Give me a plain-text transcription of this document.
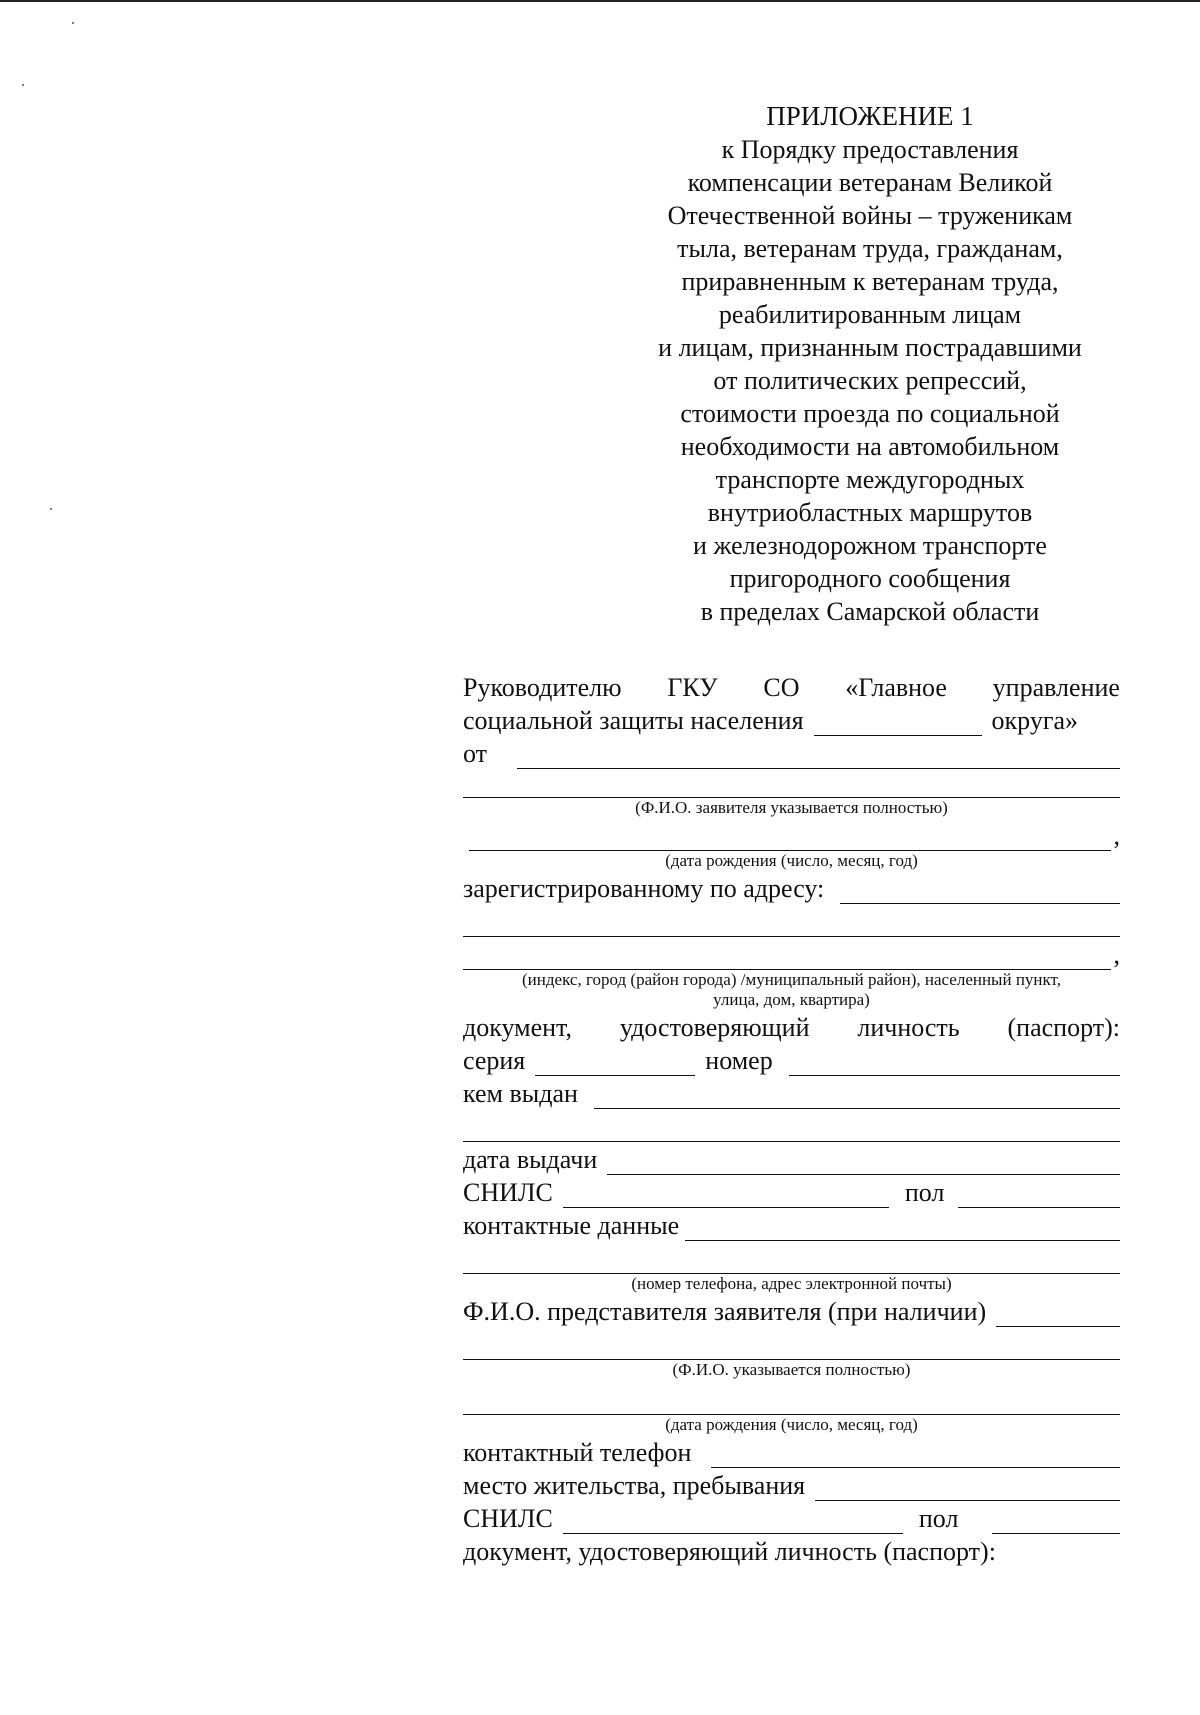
ПРИЛОЖЕНИЕ 1
к Порядку предоставления
компенсации ветеранам Великой
Отечественной войны – труженикам
тыла, ветеранам труда, гражданам,
приравненным к ветеранам труда,
реабилитированным лицам
и лицам, признанным пострадавшими
от политических репрессий,
стоимости проезда по социальной
необходимости на автомобильном
транспорте междугородных
внутриобластных маршрутов
и железнодорожном транспорте
пригородного сообщения
в пределах Самарской области
Руководителю ГКУ СО «Главное управление
социальной защиты населения	округа»
от
(Ф.И.О. заявителя указывается полностью)
,
(дата рождения (число, месяц, год)
зарегистрированному по адресу:
,
(индекс, город (район города) /муниципальный район), населенный пункт,
улица, дом, квартира)
документ, удостоверяющий личность (паспорт):
серия	номер
кем выдан
дата выдачи
СНИЛС	пол
контактные данные
(номер телефона, адрес электронной почты)
Ф.И.О. представителя заявителя (при наличии)
(Ф.И.О. указывается полностью)
(дата рождения (число, месяц, год)
контактный телефон
место жительства, пребывания
СНИЛС	пол
документ, удостоверяющий личность (паспорт):
